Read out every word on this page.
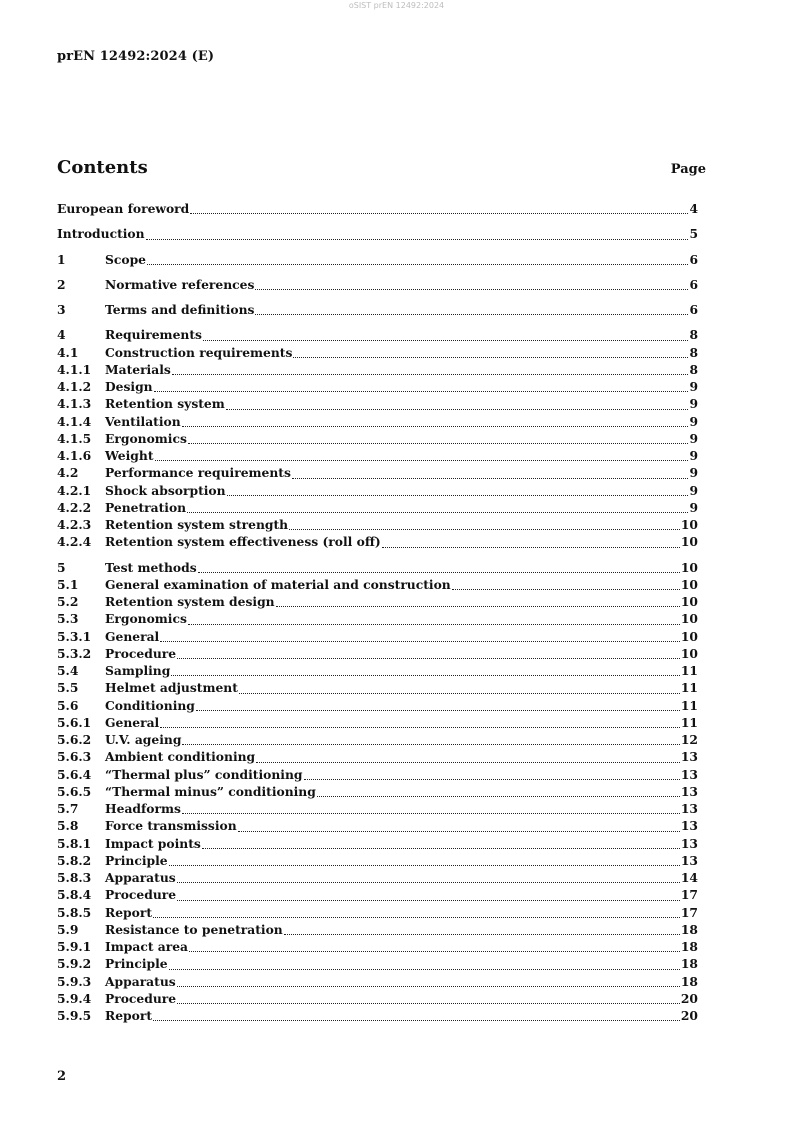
oSIST prEN 12492:2024
prEN 12492:2024 (E)
Contents	Page
European foreword	4
Introduction	5
1	Scope	6
2	Normative references	6
3	Terms and definitions	6
4	Requirements	8
4.1	Construction requirements	8
4.1.1	Materials	8
4.1.2	Design	9
4.1.3	Retention system	9
4.1.4	Ventilation	9
4.1.5	Ergonomics	9
4.1.6	Weight	9
4.2	Performance requirements	9
4.2.1	Shock absorption	9
4.2.2	Penetration	9
4.2.3	Retention system strength	10
4.2.4	Retention system effectiveness (roll off)	10
5	Test methods	10
5.1	General examination of material and construction	10
5.2	Retention system design	10
5.3	Ergonomics	10
5.3.1	General	10
5.3.2	Procedure	10
5.4	Sampling	11
5.5	Helmet adjustment	11
5.6	Conditioning	11
5.6.1	General	11
5.6.2	U.V. ageing	12
5.6.3	Ambient conditioning	13
5.6.4	“Thermal plus” conditioning	13
5.6.5	“Thermal minus” conditioning	13
5.7	Headforms	13
5.8	Force transmission	13
5.8.1	Impact points	13
5.8.2	Principle	13
5.8.3	Apparatus	14
5.8.4	Procedure	17
5.8.5	Report	17
5.9	Resistance to penetration	18
5.9.1	Impact area	18
5.9.2	Principle	18
5.9.3	Apparatus	18
5.9.4	Procedure	20
5.9.5	Report	20
2
